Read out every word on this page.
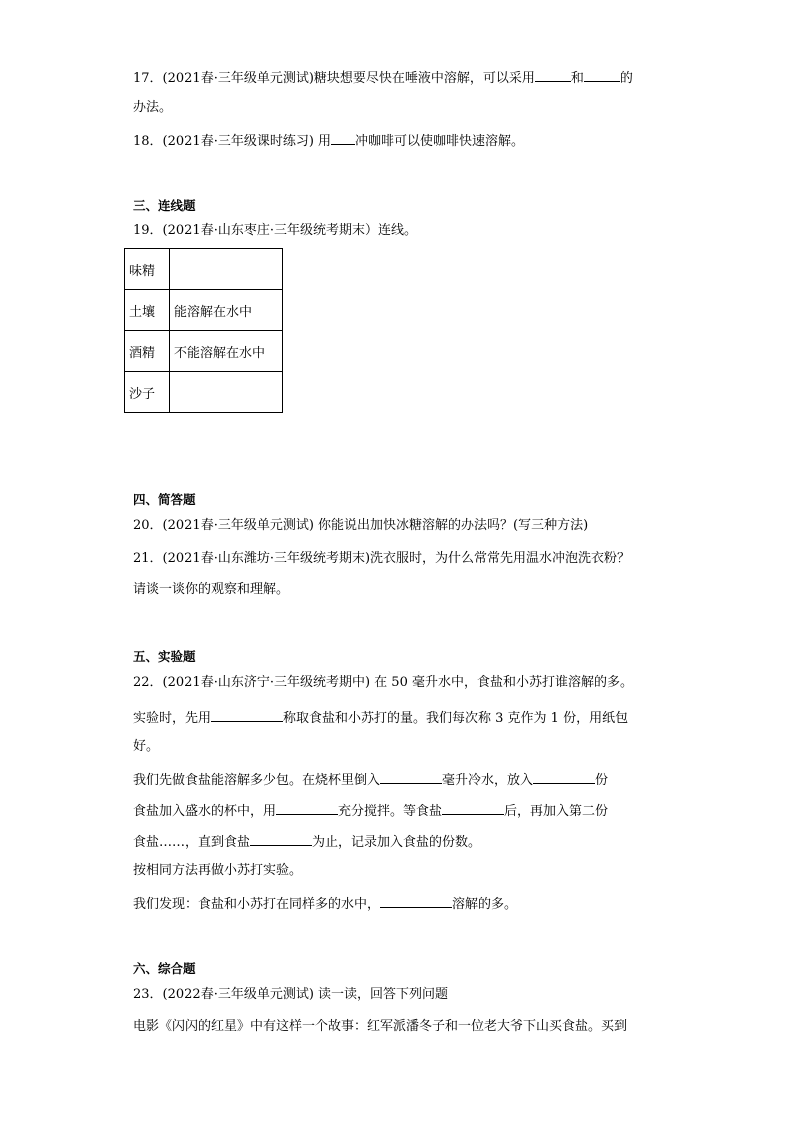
17．(2021春·三年级单元测试)糖块想要尽快在唾液中溶解，可以采用	和	的
办法。
18．(2021春·三年级课时练习) 用 冲咖啡可以使咖啡快速溶解。
三、连线题
19．(2021春·山东枣庄·三年级统考期末）连线。
味精	
土壤	能溶解在水中
酒精	不能溶解在水中
沙子	
四、简答题
20．(2021春·三年级单元测试) 你能说出加快冰糖溶解的办法吗？(写三种方法)
21．(2021春·山东潍坊·三年级统考期末)洗衣服时，为什么常常先用温水冲泡洗衣粉？
请谈一谈你的观察和理解。
五、实验题
22．(2021春·山东济宁·三年级统考期中) 在 50 毫升水中，食盐和小苏打谁溶解的多。
实验时，先用	称取食盐和小苏打的量。我们每次称 3 克作为 1 份，用纸包
好。
我们先做食盐能溶解多少包。在烧杯里倒入	毫升冷水，放入	份
食盐加入盛水的杯中，用	充分搅拌。等食盐	后，再加入第二份
食盐……，直到食盐	为止，记录加入食盐的份数。
按相同方法再做小苏打实验。
我们发现：食盐和小苏打在同样多的水中，	溶解的多。
六、综合题
23．(2022春·三年级单元测试) 读一读，回答下列问题
电影《闪闪的红星》中有这样一个故事：红军派潘冬子和一位老大爷下山买食盐。买到
